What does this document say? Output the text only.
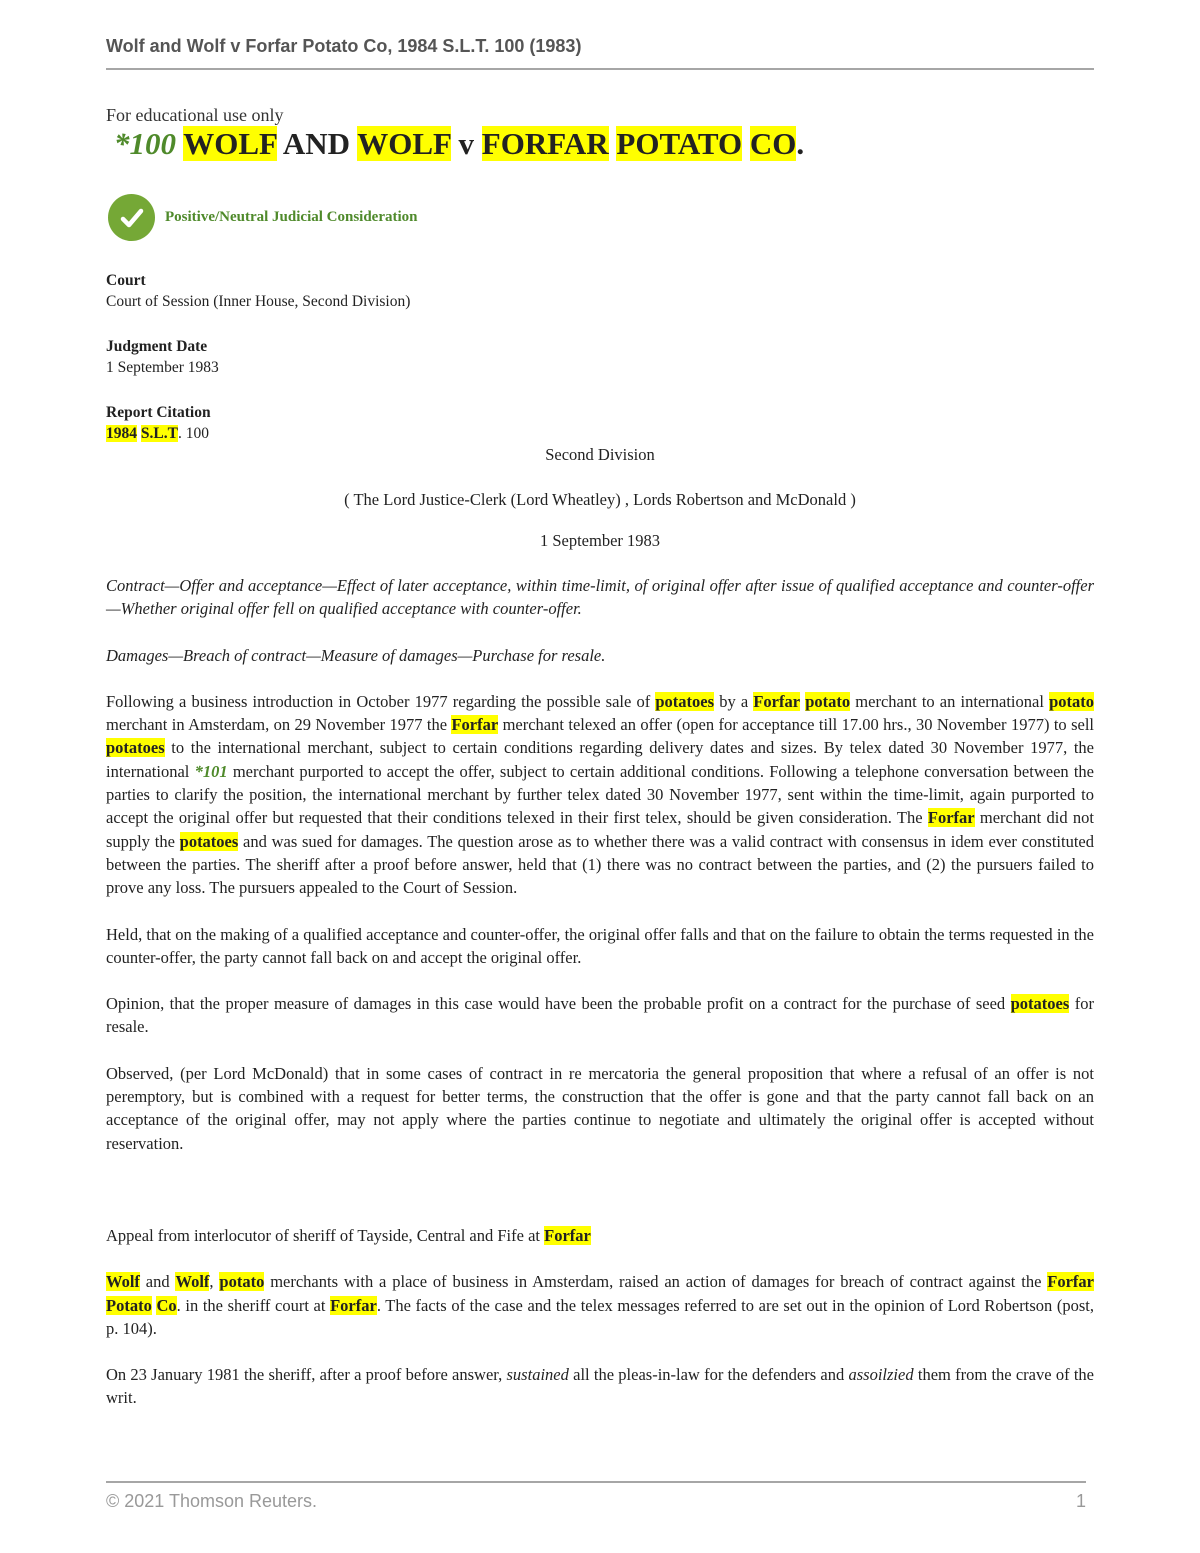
Wolf and Wolf v Forfar Potato Co, 1984 S.L.T. 100 (1983)
For educational use only
*100 WOLF AND WOLF v FORFAR POTATO CO.
Positive/Neutral Judicial Consideration
Court
Court of Session (Inner House, Second Division)
Judgment Date
1 September 1983
Report Citation
1984 S.L.T. 100
Second Division
( The Lord Justice-Clerk (Lord Wheatley) , Lords Robertson and McDonald )
1 September 1983

Contract—Offer and acceptance—Effect of later acceptance, within time-limit, of original offer after issue of qualified acceptance and counter-offer—Whether original offer fell on qualified acceptance with counter-offer.

Damages—Breach of contract—Measure of damages—Purchase for resale.

Following a business introduction in October 1977 regarding the possible sale of potatoes by a Forfar potato merchant to an international potato merchant in Amsterdam, on 29 November 1977 the Forfar merchant telexed an offer (open for acceptance till 17.00 hrs., 30 November 1977) to sell potatoes to the international merchant, subject to certain conditions regarding delivery dates and sizes. By telex dated 30 November 1977, the international *101 merchant purported to accept the offer, subject to certain additional conditions. Following a telephone conversation between the parties to clarify the position, the international merchant by further telex dated 30 November 1977, sent within the time-limit, again purported to accept the original offer but requested that their conditions telexed in their first telex, should be given consideration. The Forfar merchant did not supply the potatoes and was sued for damages. The question arose as to whether there was a valid contract with consensus in idem ever constituted between the parties. The sheriff after a proof before answer, held that (1) there was no contract between the parties, and (2) the pursuers failed to prove any loss. The pursuers appealed to the Court of Session.

Held, that on the making of a qualified acceptance and counter-offer, the original offer falls and that on the failure to obtain the terms requested in the counter-offer, the party cannot fall back on and accept the original offer.

Opinion, that the proper measure of damages in this case would have been the probable profit on a contract for the purchase of seed potatoes for resale.

Observed, (per Lord McDonald) that in some cases of contract in re mercatoria the general proposition that where a refusal of an offer is not peremptory, but is combined with a request for better terms, the construction that the offer is gone and that the party cannot fall back on an acceptance of the original offer, may not apply where the parties continue to negotiate and ultimately the original offer is accepted without reservation.

Appeal from interlocutor of sheriff of Tayside, Central and Fife at Forfar

Wolf and Wolf, potato merchants with a place of business in Amsterdam, raised an action of damages for breach of contract against the Forfar Potato Co. in the sheriff court at Forfar. The facts of the case and the telex messages referred to are set out in the opinion of Lord Robertson (post, p. 104).

On 23 January 1981 the sheriff, after a proof before answer, sustained all the pleas-in-law for the defenders and assoilzied them from the crave of the writ.

© 2021 Thomson Reuters.	1
